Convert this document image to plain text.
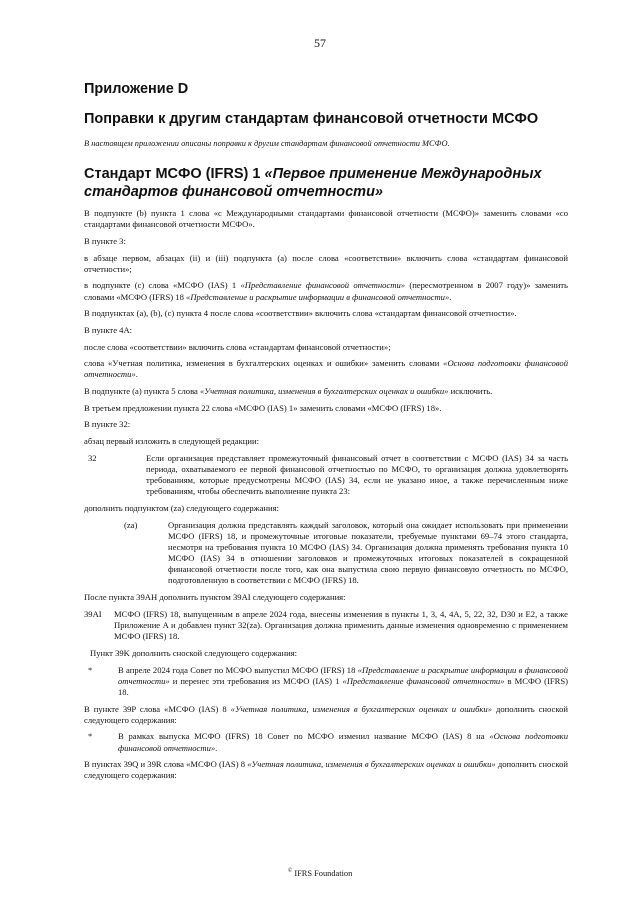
57
Приложение D
Поправки к другим стандартам финансовой отчетности МСФО
В настоящем приложении описаны поправки к другим стандартам финансовой отчетности МСФО.
Стандарт МСФО (IFRS) 1 «Первое применение Международных стандартов финансовой отчетности»

В подпункте (b) пункта 1 слова «с Международными стандартами финансовой отчетности (МСФО)» заменить словами «со стандартами финансовой отчетности МСФО».

В пункте 3:

в абзаце первом, абзацах (ii) и (iii) подпункта (a) после слова «соответствии» включить слова «стандартам финансовой отчетности»;

в подпункте (c) слова «МСФО (IAS) 1 «Представление финансовой отчетности» (пересмотренном в 2007 году)» заменить словами «МСФО (IFRS) 18 «Представление и раскрытие информации в финансовой отчетности».

В подпунктах (a), (b), (c) пункта 4 после слова «соответствии» включить слова «стандартам финансовой отчетности».

В пункте 4A:

после слова «соответствии» включить слова «стандартам финансовой отчетности»;

слова «Учетная политика, изменения в бухгалтерских оценках и ошибки» заменить словами «Основа подготовки финансовой отчетности».

В подпункте (a) пункта 5 слова «Учетная политика, изменения в бухгалтерских оценках и ошибки» исключить.

В третьем предложении пункта 22 слова «МСФО (IAS) 1» заменить словами «МСФО (IFRS) 18».

В пункте 32:

абзац первый изложить в следующей редакции:

32	Если организация представляет промежуточный финансовый отчет в соответствии с МСФО (IAS) 34 за часть периода, охватываемого ее первой финансовой отчетностью по МСФО, то организация должна удовлетворять требованиям, которые предусмотрены МСФО (IAS) 34, если не указано иное, а также перечисленным ниже требованиям, чтобы обеспечить выполнение пункта 23:

дополнить подпунктом (za) следующего содержания:

(za)	Организация должна представлять каждый заголовок, который она ожидает использовать при применении МСФО (IFRS) 18, и промежуточные итоговые показатели, требуемые пунктами 69–74 этого стандарта, несмотря на требования пункта 10 МСФО (IAS) 34. Организация должна применять требования пункта 10 МСФО (IAS) 34 в отношении заголовков и промежуточных итоговых показателей в сокращенной финансовой отчетности после того, как она выпустила свою первую финансовую отчетность по МСФО, подготовленную в соответствии с МСФО (IFRS) 18.

После пункта 39AH дополнить пунктом 39AI следующего содержания:

39AI	МСФО (IFRS) 18, выпущенным в апреле 2024 года, внесены изменения в пункты 1, 3, 4, 4A, 5, 22, 32, D30 и E2, а также Приложение A и добавлен пункт 32(za). Организация должна применить данные изменения одновременно с применением МСФО (IFRS) 18.

Пункт 39K дополнить сноской следующего содержания:

*	В апреле 2024 года Совет по МСФО выпустил МСФО (IFRS) 18 «Представление и раскрытие информации в финансовой отчетности» и перенес эти требования из МСФО (IAS) 1 «Представление финансовой отчетности» в МСФО (IFRS) 18.

В пункте 39P слова «МСФО (IAS) 8 «Учетная политика, изменения в бухгалтерских оценках и ошибки» дополнить сноской следующего содержания:

*	В рамках выпуска МСФО (IFRS) 18 Совет по МСФО изменил название МСФО (IAS) 8 на «Основа подготовки финансовой отчетности».

В пунктах 39Q и 39R слова «МСФО (IAS) 8 «Учетная политика, изменения в бухгалтерских оценках и ошибки» дополнить сноской следующего содержания:

© IFRS Foundation
